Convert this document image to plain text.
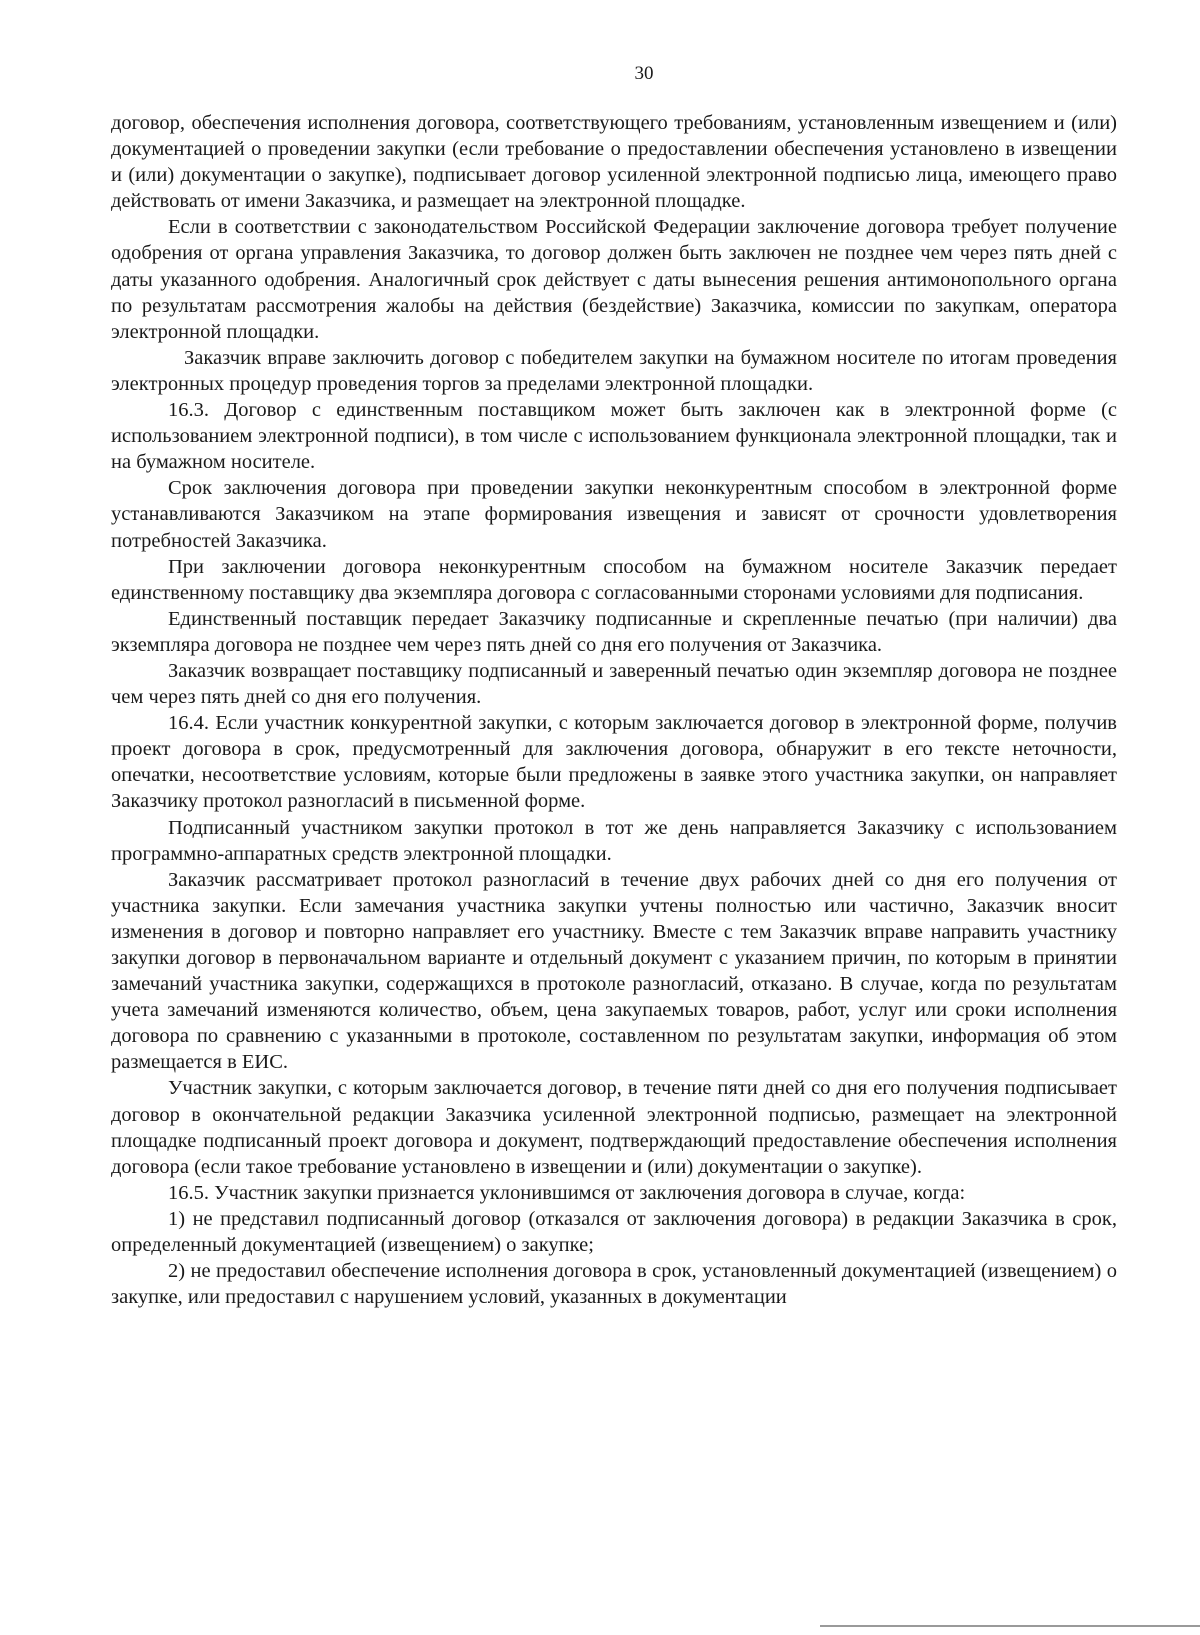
30

договор, обеспечения исполнения договора, соответствующего требованиям, установленным извещением и (или) документацией о проведении закупки (если требование о предоставлении обеспечения установлено в извещении и (или) документации о закупке), подписывает договор усиленной электронной подписью лица, имеющего право действовать от имени Заказчика, и размещает на электронной площадке.

Если в соответствии с законодательством Российской Федерации заключение договора требует получение одобрения от органа управления Заказчика, то договор должен быть заключен не позднее чем через пять дней с даты указанного одобрения. Аналогичный срок действует с даты вынесения решения антимонопольного органа по результатам рассмотрения жалобы на действия (бездействие) Заказчика, комиссии по закупкам, оператора электронной площадки.

Заказчик вправе заключить договор с победителем закупки на бумажном носителе по итогам проведения электронных процедур проведения торгов за пределами электронной площадки.

16.3. Договор с единственным поставщиком может быть заключен как в электронной форме (с использованием электронной подписи), в том числе с использованием функционала электронной площадки, так и на бумажном носителе.

Срок заключения договора при проведении закупки неконкурентным способом в электронной форме устанавливаются Заказчиком на этапе формирования извещения и зависят от срочности удовлетворения потребностей Заказчика.

При заключении договора неконкурентным способом на бумажном носителе Заказчик передает единственному поставщику два экземпляра договора с согласованными сторонами условиями для подписания.

Единственный поставщик передает Заказчику подписанные и скрепленные печатью (при наличии) два экземпляра договора не позднее чем через пять дней со дня его получения от Заказчика.

Заказчик возвращает поставщику подписанный и заверенный печатью один экземпляр договора не позднее чем через пять дней со дня его получения.

16.4. Если участник конкурентной закупки, с которым заключается договор в электронной форме, получив проект договора в срок, предусмотренный для заключения договора, обнаружит в его тексте неточности, опечатки, несоответствие условиям, которые были предложены в заявке этого участника закупки, он направляет Заказчику протокол разногласий в письменной форме.

Подписанный участником закупки протокол в тот же день направляется Заказчику с использованием программно-аппаратных средств электронной площадки.

Заказчик рассматривает протокол разногласий в течение двух рабочих дней со дня его получения от участника закупки. Если замечания участника закупки учтены полностью или частично, Заказчик вносит изменения в договор и повторно направляет его участнику. Вместе с тем Заказчик вправе направить участнику закупки договор в первоначальном варианте и отдельный документ с указанием причин, по которым в принятии замечаний участника закупки, содержащихся в протоколе разногласий, отказано. В случае, когда по результатам учета замечаний изменяются количество, объем, цена закупаемых товаров, работ, услуг или сроки исполнения договора по сравнению с указанными в протоколе, составленном по результатам закупки, информация об этом размещается в ЕИС.

Участник закупки, с которым заключается договор, в течение пяти дней со дня его получения подписывает договор в окончательной редакции Заказчика усиленной электронной подписью, размещает на электронной площадке подписанный проект договора и документ, подтверждающий предоставление обеспечения исполнения договора (если такое требование установлено в извещении и (или) документации о закупке).

16.5. Участник закупки признается уклонившимся от заключения договора в случае, когда:

1) не представил подписанный договор (отказался от заключения договора) в редакции Заказчика в срок, определенный документацией (извещением) о закупке;

2) не предоставил обеспечение исполнения договора в срок, установленный документацией (извещением) о закупке, или предоставил с нарушением условий, указанных в документации
